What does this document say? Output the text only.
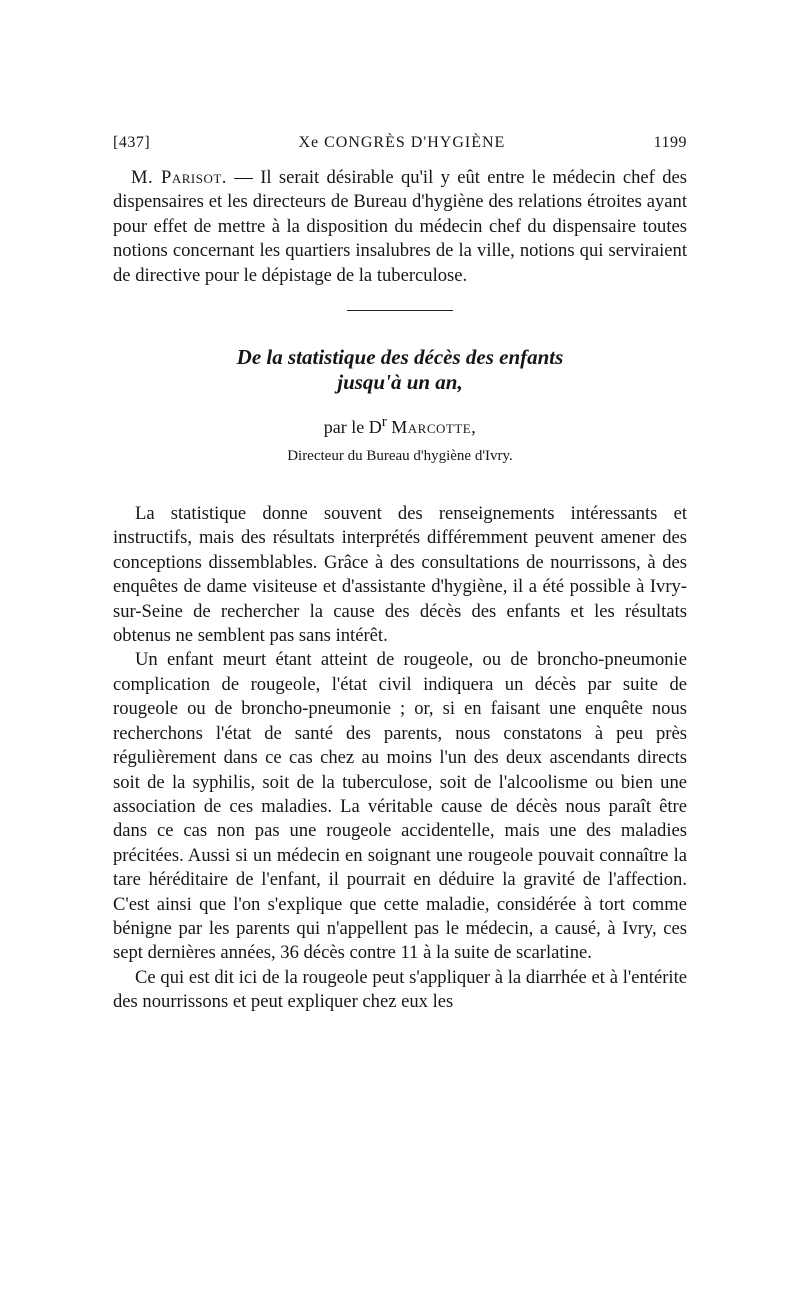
[437]	Xe CONGRÈS D'HYGIÈNE	1199

M. Parisot. — Il serait désirable qu'il y eût entre le médecin chef des dispensaires et les directeurs de Bureau d'hygiène des relations étroites ayant pour effet de mettre à la disposition du médecin chef du dispensaire toutes notions concernant les quartiers insalubres de la ville, notions qui serviraient de directive pour le dépistage de la tuberculose.

De la statistique des décès des enfants
jusqu'à un an,
par le $D^r$ Marcotte,
Directeur du Bureau d'hygiène d'Ivry.

La statistique donne souvent des renseignements intéressants et instructifs, mais des résultats interprétés différemment peuvent amener des conceptions dissemblables. Grâce à des consultations de nourrissons, à des enquêtes de dame visiteuse et d'assistante d'hygiène, il a été possible à Ivry-sur-Seine de rechercher la cause des décès des enfants et les résultats obtenus ne semblent pas sans intérêt.

Un enfant meurt étant atteint de rougeole, ou de broncho-pneumonie complication de rougeole, l'état civil indiquera un décès par suite de rougeole ou de broncho-pneumonie ; or, si en faisant une enquête nous recherchons l'état de santé des parents, nous constatons à peu près régulièrement dans ce cas chez au moins l'un des deux ascendants directs soit de la syphilis, soit de la tuberculose, soit de l'alcoolisme ou bien une association de ces maladies. La véritable cause de décès nous paraît être dans ce cas non pas une rougeole accidentelle, mais une des maladies précitées. Aussi si un médecin en soignant une rougeole pouvait connaître la tare héréditaire de l'enfant, il pourrait en déduire la gravité de l'affection. C'est ainsi que l'on s'explique que cette maladie, considérée à tort comme bénigne par les parents qui n'appellent pas le médecin, a causé, à Ivry, ces sept dernières années, 36 décès contre 11 à la suite de scarlatine.

Ce qui est dit ici de la rougeole peut s'appliquer à la diarrhée et à l'entérite des nourrissons et peut expliquer chez eux les
